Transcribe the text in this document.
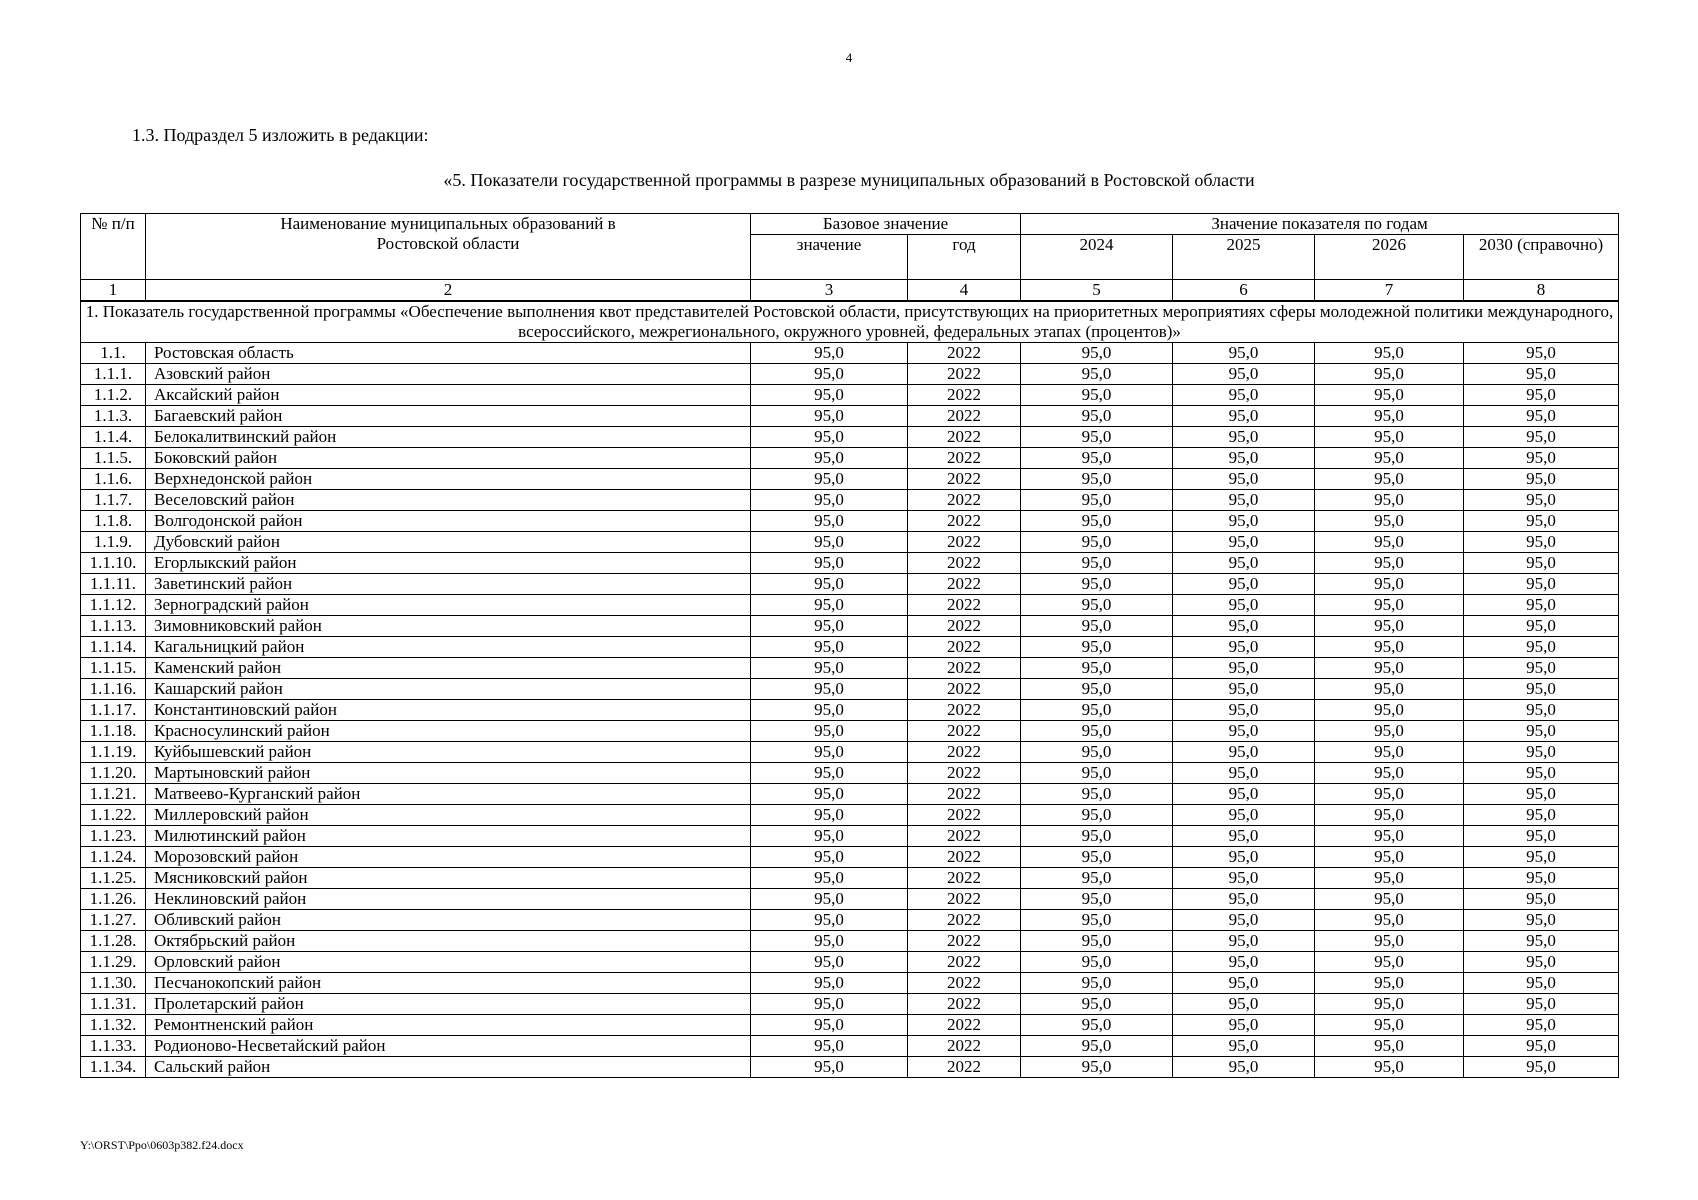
4
1.3. Подраздел 5 изложить в редакции:
«5. Показатели государственной программы в разрезе муниципальных образований в Ростовской области
№ п/п	Наименование муниципальных образований в Ростовской области	Базовое значение		Значение показателя по годам			
		значение	год	2024	2025	2026	2030 (справочно)
1	2	3	4	5	6	7	8
1. Показатель государственной программы «Обеспечение выполнения квот представителей Ростовской области, присутствующих на приоритетных мероприятиях сферы молодежной политики международного, всероссийского, межрегионального, окружного уровней, федеральных этапах (процентов)»							
1.1.	Ростовская область	95,0	2022	95,0	95,0	95,0	95,0
1.1.1.	Азовский район	95,0	2022	95,0	95,0	95,0	95,0
1.1.2.	Аксайский район	95,0	2022	95,0	95,0	95,0	95,0
1.1.3.	Багаевский район	95,0	2022	95,0	95,0	95,0	95,0
1.1.4.	Белокалитвинский район	95,0	2022	95,0	95,0	95,0	95,0
1.1.5.	Боковский район	95,0	2022	95,0	95,0	95,0	95,0
1.1.6.	Верхнедонской район	95,0	2022	95,0	95,0	95,0	95,0
1.1.7.	Веселовский район	95,0	2022	95,0	95,0	95,0	95,0
1.1.8.	Волгодонской район	95,0	2022	95,0	95,0	95,0	95,0
1.1.9.	Дубовский район	95,0	2022	95,0	95,0	95,0	95,0
1.1.10.	Егорлыкский район	95,0	2022	95,0	95,0	95,0	95,0
1.1.11.	Заветинский район	95,0	2022	95,0	95,0	95,0	95,0
1.1.12.	Зерноградский район	95,0	2022	95,0	95,0	95,0	95,0
1.1.13.	Зимовниковский район	95,0	2022	95,0	95,0	95,0	95,0
1.1.14.	Кагальницкий район	95,0	2022	95,0	95,0	95,0	95,0
1.1.15.	Каменский район	95,0	2022	95,0	95,0	95,0	95,0
1.1.16.	Кашарский район	95,0	2022	95,0	95,0	95,0	95,0
1.1.17.	Константиновский район	95,0	2022	95,0	95,0	95,0	95,0
1.1.18.	Красносулинский район	95,0	2022	95,0	95,0	95,0	95,0
1.1.19.	Куйбышевский район	95,0	2022	95,0	95,0	95,0	95,0
1.1.20.	Мартыновский район	95,0	2022	95,0	95,0	95,0	95,0
1.1.21.	Матвеево-Курганский район	95,0	2022	95,0	95,0	95,0	95,0
1.1.22.	Миллеровский район	95,0	2022	95,0	95,0	95,0	95,0
1.1.23.	Милютинский район	95,0	2022	95,0	95,0	95,0	95,0
1.1.24.	Морозовский район	95,0	2022	95,0	95,0	95,0	95,0
1.1.25.	Мясниковский район	95,0	2022	95,0	95,0	95,0	95,0
1.1.26.	Неклиновский район	95,0	2022	95,0	95,0	95,0	95,0
1.1.27.	Обливский район	95,0	2022	95,0	95,0	95,0	95,0
1.1.28.	Октябрьский район	95,0	2022	95,0	95,0	95,0	95,0
1.1.29.	Орловский район	95,0	2022	95,0	95,0	95,0	95,0
1.1.30.	Песчанокопский район	95,0	2022	95,0	95,0	95,0	95,0
1.1.31.	Пролетарский район	95,0	2022	95,0	95,0	95,0	95,0
1.1.32.	Ремонтненский район	95,0	2022	95,0	95,0	95,0	95,0
1.1.33.	Родионово-Несветайский район	95,0	2022	95,0	95,0	95,0	95,0
1.1.34.	Сальский район	95,0	2022	95,0	95,0	95,0	95,0
Y:\ORST\Ppo\0603p382.f24.docx
